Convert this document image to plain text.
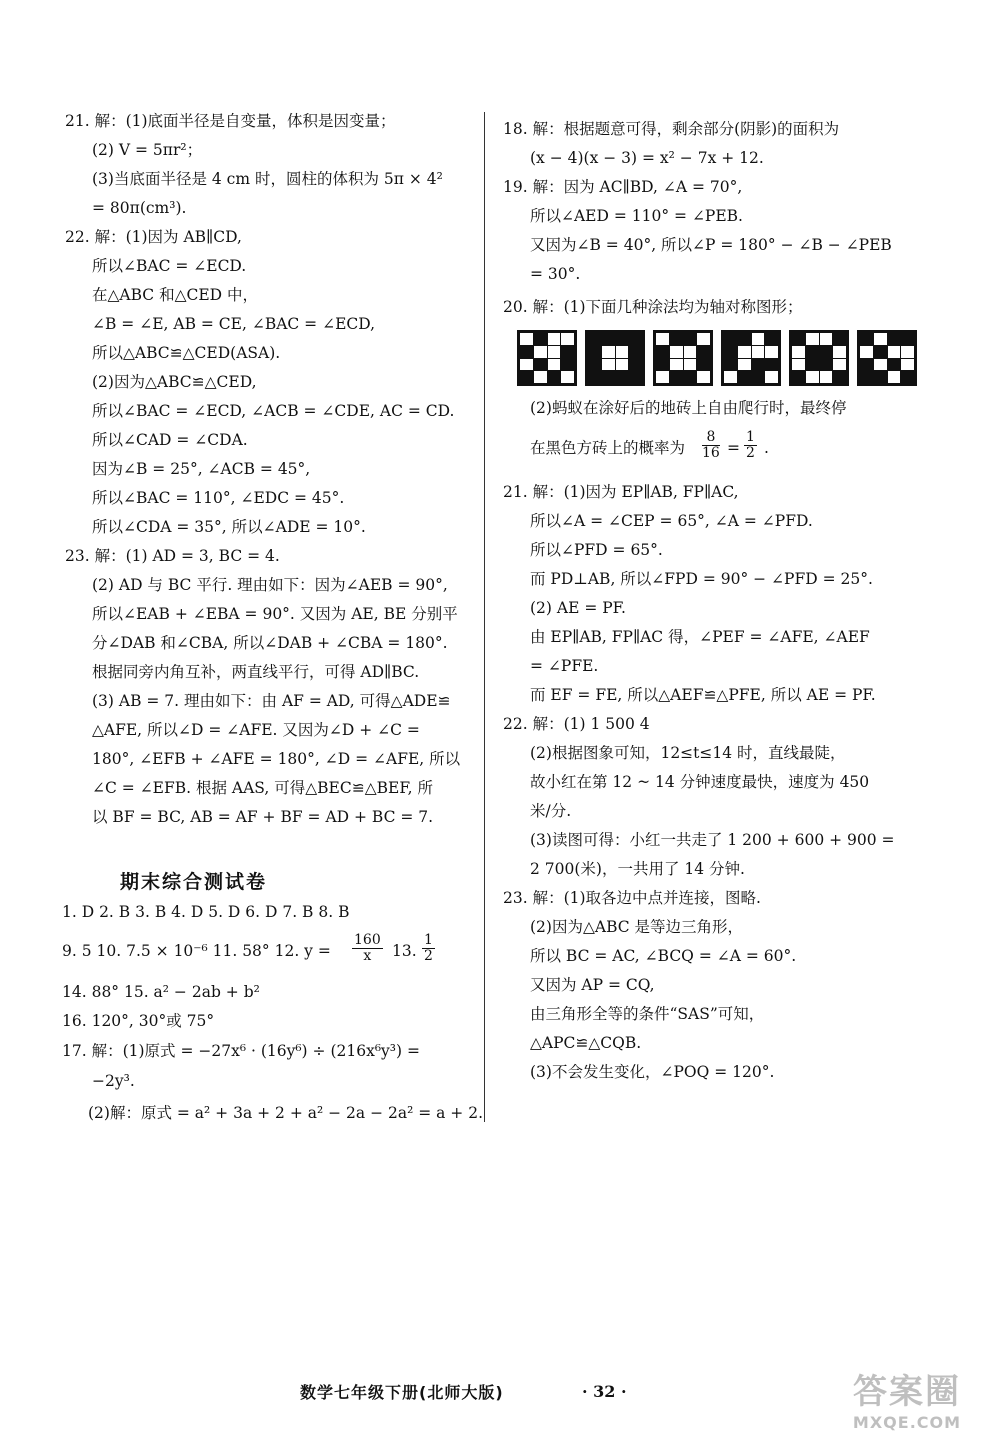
21. 解：(1)底面半径是自变量，体积是因变量；
(2) V = 5πr²；
(3)当底面半径是 4 cm 时，圆柱的体积为 5π × 4²
= 80π(cm³).
22. 解：(1)因为 AB∥CD,
所以∠BAC = ∠ECD.
在△ABC 和△CED 中，
∠B = ∠E, AB = CE, ∠BAC = ∠ECD,
所以△ABC≌△CED(ASA).
(2)因为△ABC≌△CED,
所以∠BAC = ∠ECD, ∠ACB = ∠CDE, AC = CD.
所以∠CAD = ∠CDA.
因为∠B = 25°, ∠ACB = 45°,
所以∠BAC = 110°, ∠EDC = 45°.
所以∠CDA = 35°, 所以∠ADE = 10°.
23. 解：(1) AD = 3, BC = 4.
(2) AD 与 BC 平行. 理由如下：因为∠AEB = 90°,
所以∠EAB + ∠EBA = 90°. 又因为 AE, BE 分别平
分∠DAB 和∠CBA, 所以∠DAB + ∠CBA = 180°.
根据同旁内角互补，两直线平行，可得 AD∥BC.
(3) AB = 7. 理由如下：由 AF = AD, 可得△ADE≌
△AFE, 所以∠D = ∠AFE. 又因为∠D + ∠C =
180°, ∠EFB + ∠AFE = 180°, ∠D = ∠AFE, 所以
∠C = ∠EFB. 根据 AAS, 可得△BEC≌△BEF, 所
以 BF = BC, AB = AF + BF = AD + BC = 7.
期末综合测试卷
1. D 2. B 3. B 4. D 5. D 6. D 7. B 8. B
9. 5 10. 7.5 × 10⁻⁶ 11. 58° 12. $y = \frac{160}{x} 13$. $\frac{1}{2}$
14. 88° 15. a² − 2ab + b²
16. 120°, 30°或 75°
17. 解：(1)原式 = −27x⁶ · (16y⁶) ÷ (216x⁶y³) =
−2y³.
(2)解：原式 = a² + 3a + 2 + a² − 2a − 2a² = a + 2.
18. 解：根据题意可得，剩余部分(阴影)的面积为
(x − 4)(x − 3) = x² − 7x + 12.
19. 解：因为 AC∥BD, ∠A = 70°,
所以∠AED = 110° = ∠PEB.
又因为∠B = 40°, 所以∠P = 180° − ∠B − ∠PEB
= 30°.
20. 解：(1)下面几种涂法均为轴对称图形；
(2)蚂蚁在涂好后的地砖上自由爬行时，最终停
在黑色方砖上的概率为 $\frac{8}{16} = \frac{1}{2}$ .
21. 解：(1)因为 EP∥AB, FP∥AC,
所以∠A = ∠CEP = 65°, ∠A = ∠PFD.
所以∠PFD = 65°.
而 PD⊥AB, 所以∠FPD = 90° − ∠PFD = 25°.
(2) AE = PF.
由 EP∥AB, FP∥AC 得，∠PEF = ∠AFE, ∠AEF
= ∠PFE.
而 EF = FE, 所以△AEF≌△PFE, 所以 AE = PF.
22. 解：(1) 1 500 4
(2)根据图象可知，12≤t≤14 时，直线最陡，
故小红在第 12 ~ 14 分钟速度最快，速度为 450
米/分.
(3)读图可得：小红一共走了 1 200 + 600 + 900 =
2 700(米)，一共用了 14 分钟.
23. 解：(1)取各边中点并连接，图略.
(2)因为△ABC 是等边三角形，
所以 BC = AC, ∠BCQ = ∠A = 60°.
又因为 AP = CQ,
由三角形全等的条件“SAS”可知，
△APC≌△CQB.
(3)不会发生变化，∠POQ = 120°.
数学七年级下册(北师大版)	· 32 ·	答案圈
MXQE.COM
